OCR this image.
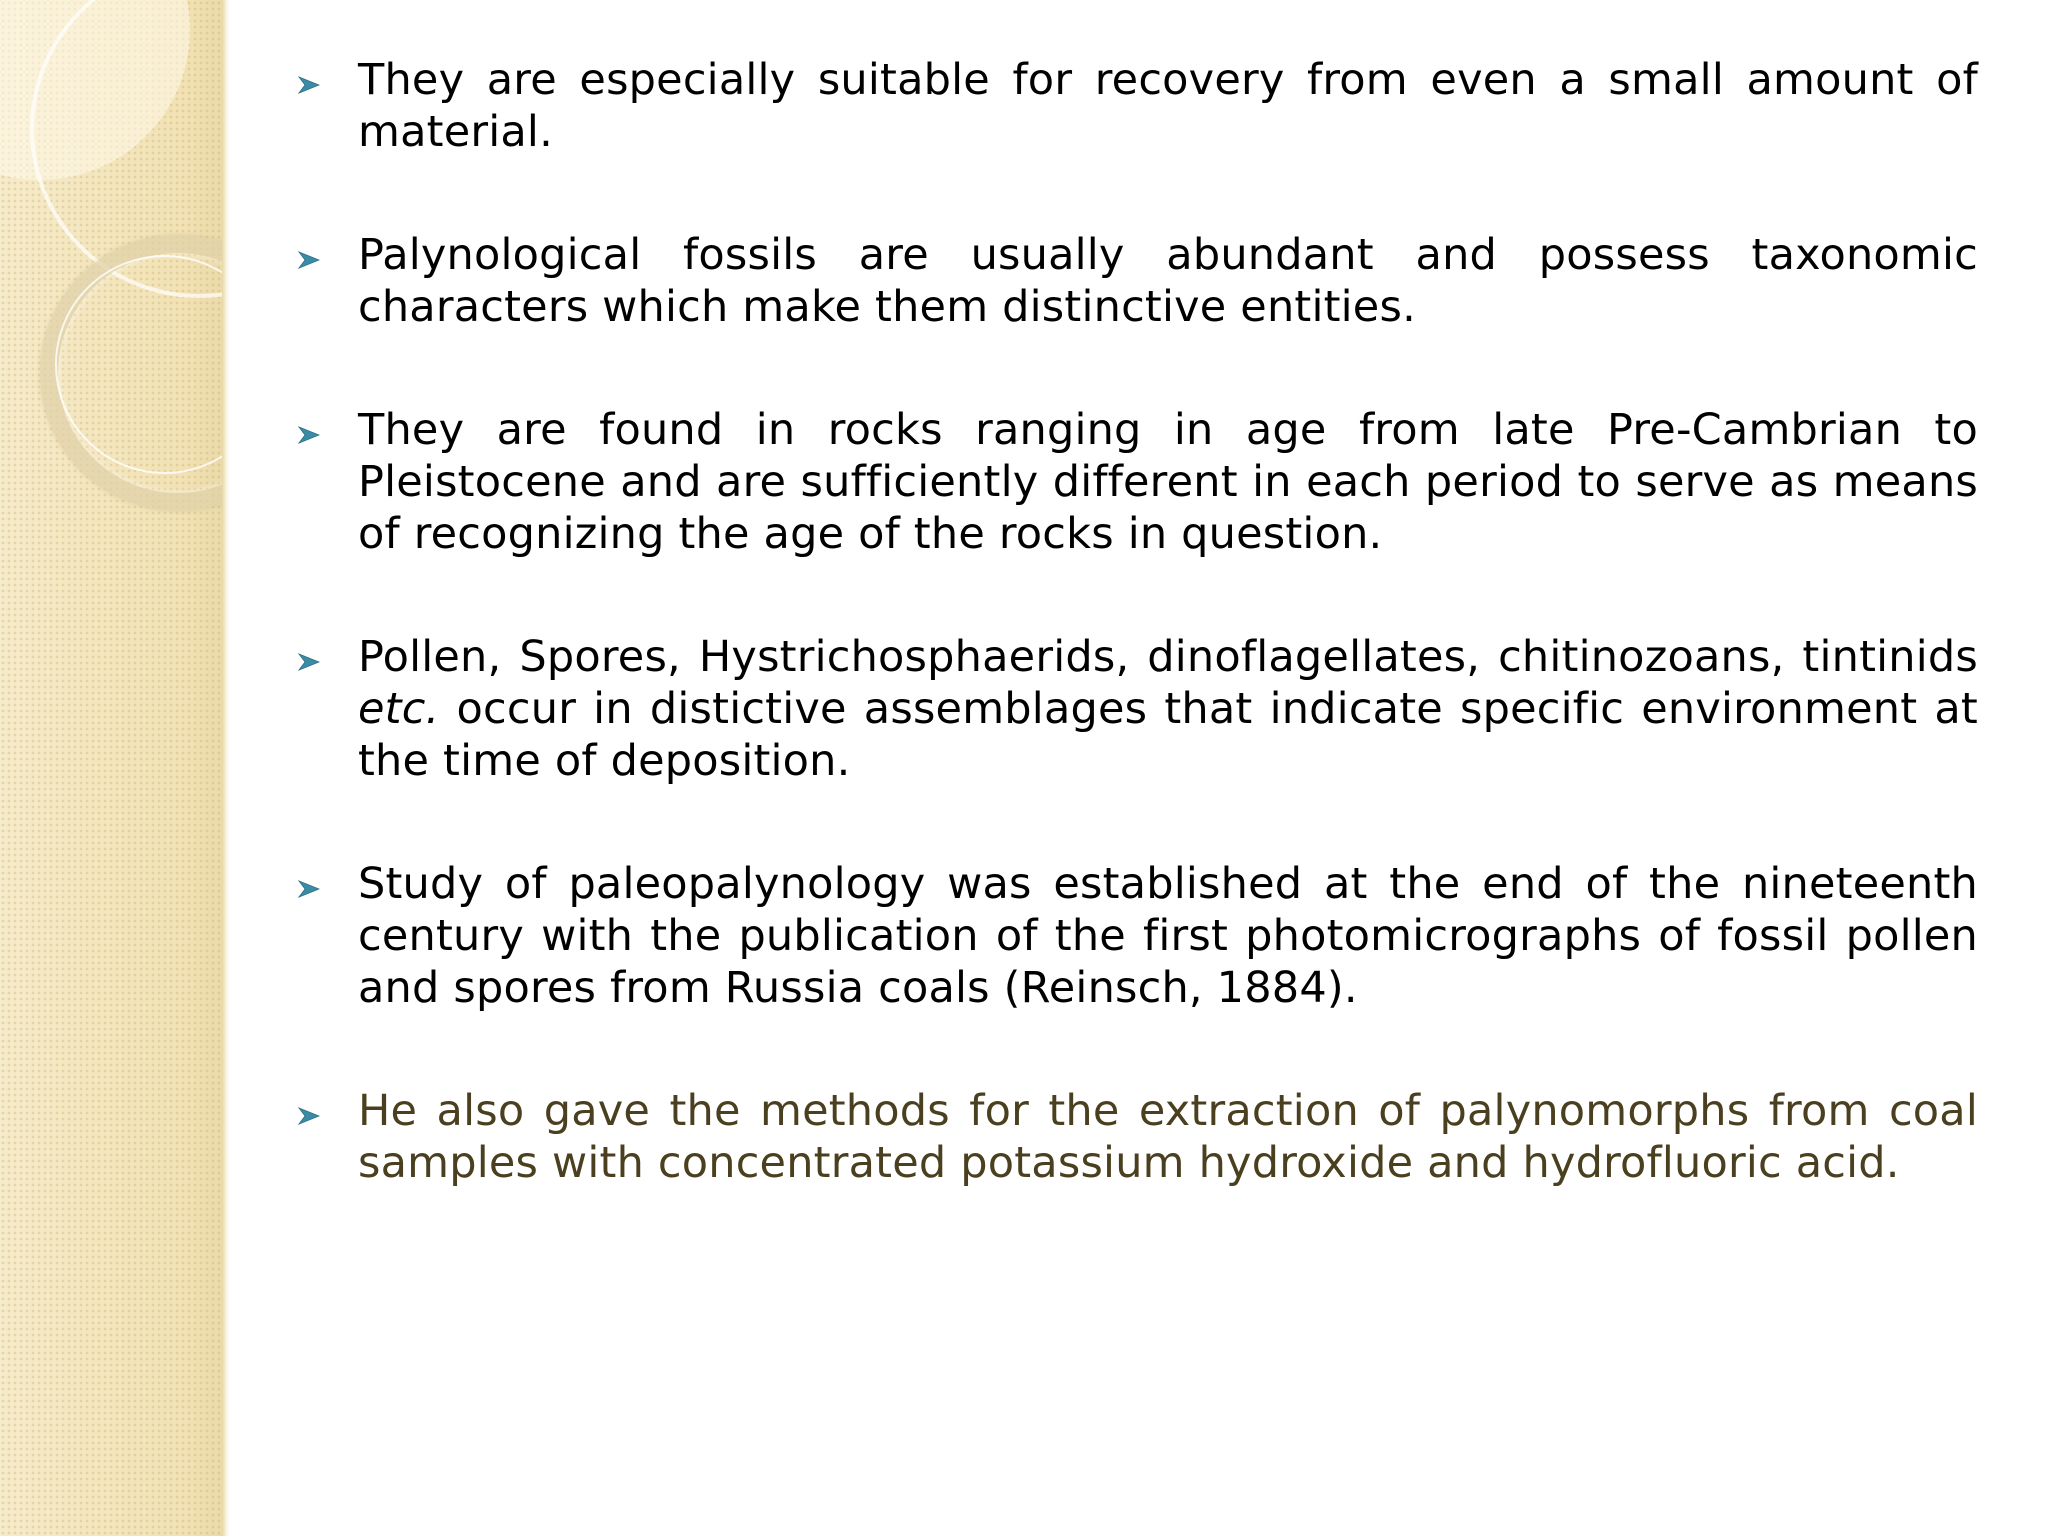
They are especially suitable for recovery from even a small amount of material.
Palynological fossils are usually abundant and possess taxonomic characters which make them distinctive entities.
They are found in rocks ranging in age from late Pre-Cambrian to Pleistocene and are sufficiently different in each period to serve as means of recognizing the age of the rocks in question.
Pollen, Spores, Hystrichosphaerids, dinoflagellates, chitinozoans, tintinids etc. occur in distictive assemblages that indicate specific environment at the time of deposition.
Study of paleopalynology was established at the end of the nineteenth century with the publication of the first photomicrographs of fossil pollen and spores from Russia coals (Reinsch, 1884).
He also gave the methods for the extraction of palynomorphs from coal samples with concentrated potassium hydroxide and hydrofluoric acid.
